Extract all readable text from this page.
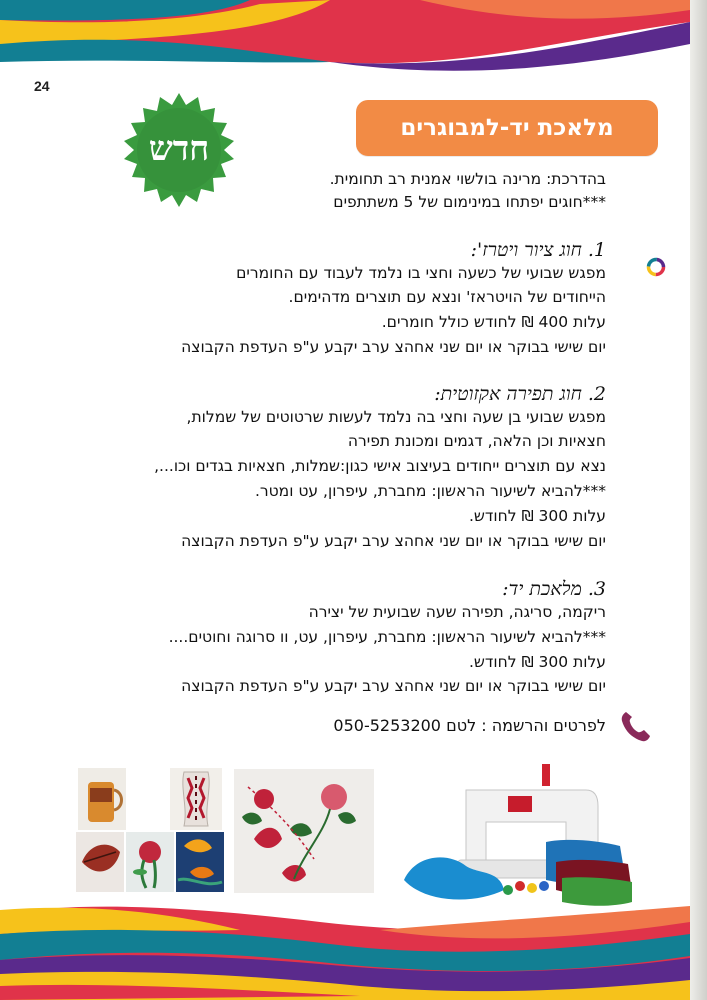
24
חדש
מלאכת יד-למבוגרים
בהדרכת: מרינה בולשוי אמנית רב תחומית.
***חוגים יפתחו במינימום של 5 משתתפים
1. חוג ציור ויטרז':
מפגש שבועי של כשעה וחצי בו נלמד לעבוד עם החומרים
הייחודים של הויטראז' ונצא עם תוצרים מדהימים.
עלות 400 ₪ לחודש כולל חומרים.
יום שישי בבוקר או יום שני אחהצ ערב יקבע ע"פ העדפת הקבוצה
2. חוג תפירה אקזוטית:
מפגש שבועי בן שעה וחצי בה נלמד לעשות שרטוטים של שמלות,
חצאיות וכן הלאה, דגמים ומכונת תפירה
נצא עם תוצרים ייחודים בעיצוב אישי כגון:שמלות, חצאיות בגדים וכו...,
***להביא לשיעור הראשון: מחברת, עיפרון, עט ומטר.
עלות 300 ₪ לחודש.
יום שישי בבוקר או יום שני אחהצ ערב יקבע ע"פ העדפת הקבוצה
3. מלאכת יד:
ריקמה, סריגה, תפירה שעה שבועית של יצירה
***להביא לשיעור הראשון: מחברת, עיפרון, עט, וו סרוגה וחוטים....
עלות 300 ₪ לחודש.
יום שישי בבוקר או יום שני אחהצ ערב יקבע ע"פ העדפת הקבוצה
לפרטים והרשמה : לטם 050-5253200
